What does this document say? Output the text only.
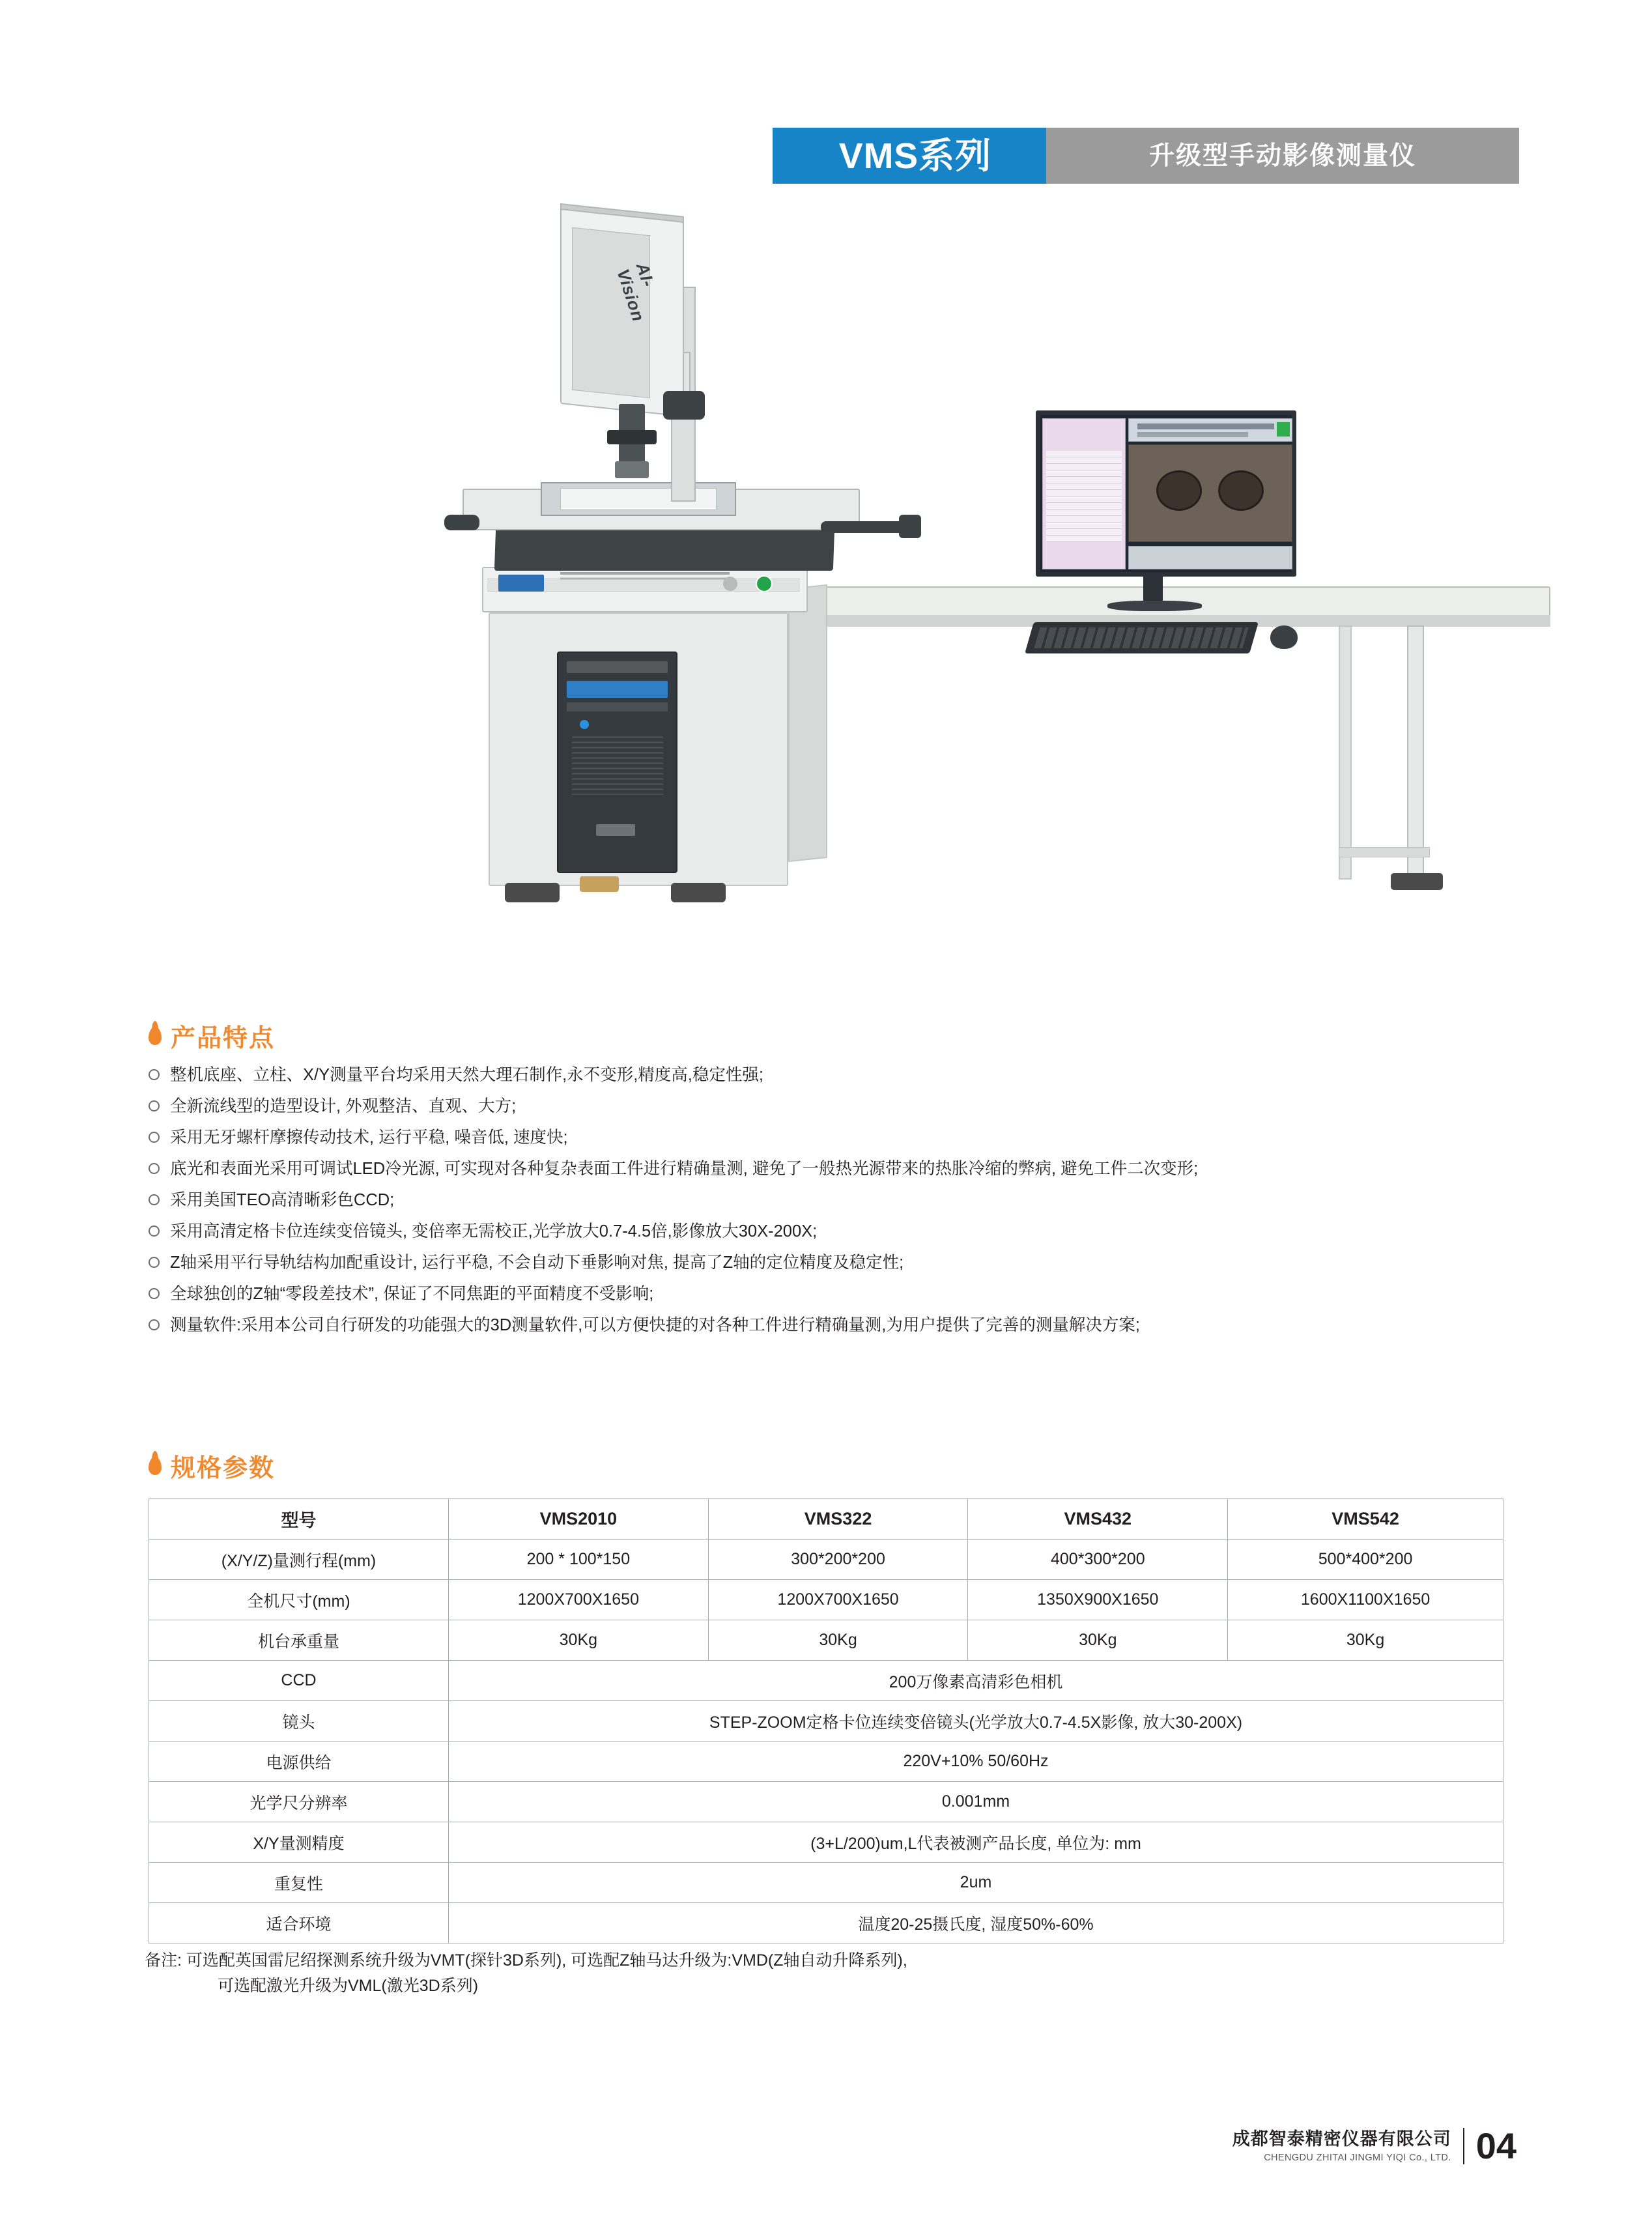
VMS系列	升级型手动影像测量仪
AI-Vision
产品特点
整机底座、立柱、X/Y测量平台均采用天然大理石制作,永不变形,精度高,稳定性强;
全新流线型的造型设计, 外观整洁、直观、大方;
采用无牙螺杆摩擦传动技术, 运行平稳, 噪音低, 速度快;
底光和表面光采用可调试LED冷光源, 可实现对各种复杂表面工件进行精确量测, 避免了一般热光源带来的热胀冷缩的弊病, 避免工件二次变形;
采用美国TEO高清晰彩色CCD;
采用高清定格卡位连续变倍镜头, 变倍率无需校正,光学放大0.7-4.5倍,影像放大30X-200X;
Z轴采用平行导轨结构加配重设计, 运行平稳, 不会自动下垂影响对焦, 提高了Z轴的定位精度及稳定性;
全球独创的Z轴“零段差技术”, 保证了不同焦距的平面精度不受影响;
测量软件:采用本公司自行研发的功能强大的3D测量软件,可以方便快捷的对各种工件进行精确量测,为用户提供了完善的测量解决方案;
规格参数
型号	VMS2010	VMS322	VMS432	VMS542
(X/Y/Z)量测行程(mm)	200 * 100*150	300*200*200	400*300*200	500*400*200
全机尺寸(mm)	1200X700X1650	1200X700X1650	1350X900X1650	1600X1100X1650
机台承重量	30Kg	30Kg	30Kg	30Kg
CCD	200万像素高清彩色相机			
镜头	STEP-ZOOM定格卡位连续变倍镜头(光学放大0.7-4.5X影像, 放大30-200X)			
电源供给	220V+10% 50/60Hz			
光学尺分辨率	0.001mm			
X/Y量测精度	(3+L/200)um,L代表被测产品长度, 单位为: mm			
重复性	2um			
适合环境	温度20-25摄氏度, 湿度50%-60%			
备注: 可选配英国雷尼绍探测系统升级为VMT(探针3D系列), 可选配Z轴马达升级为:VMD(Z轴自动升降系列),
可选配激光升级为VML(激光3D系列)
成都智泰精密仪器有限公司
CHENGDU ZHITAI JINGMI YIQI Co., LTD. 04
